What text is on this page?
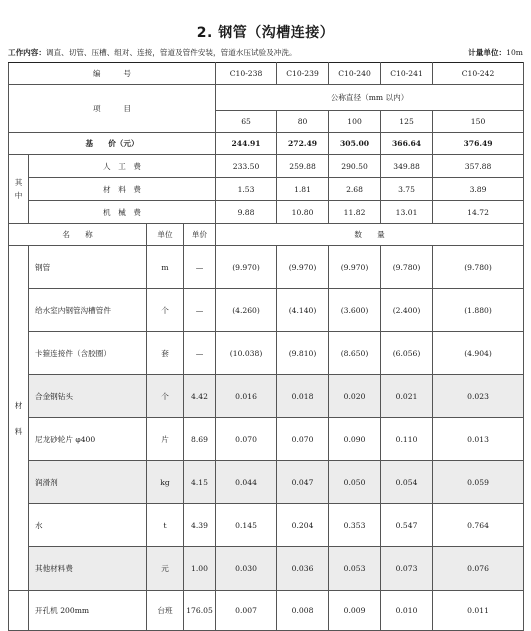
2. 钢管（沟槽连接）
工作内容：调直、切管、压槽、组对、连接，管道及管件安装，管道水压试验及冲洗。	计量单位：10m
编　　　号				C10-238	C10-239	C10-240	C10-241	C10-242
项　　　目				公称直径（mm 以内）				
				65	80	100	125	150
基　　价（元）				244.91	272.49	305.00	366.64	376.49
其
中	人　工　费			233.50	259.88	290.50	349.88	357.88
	材　料　费			1.53	1.81	2.68	3.75	3.89
	机　械　费			9.88	10.80	11.82	13.01	14.72
名　　称		单位	单价	数　　量				
材

料	钢管	m	—	(9.970)	(9.970)	(9.970)	(9.780)	(9.780)
	给水室内钢管沟槽管件	个	—	(4.260)	(4.140)	(3.600)	(2.400)	(1.880)
	卡箍连接件（含胶圈）	套	—	(10.038)	(9.810)	(8.650)	(6.056)	(4.904)
	合金钢钻头	个	4.42	0.016	0.018	0.020	0.021	0.023
	尼龙砂轮片 φ400	片	8.69	0.070	0.070	0.090	0.110	0.013
	润滑剂	kg	4.15	0.044	0.047	0.050	0.054	0.059
	水	t	4.39	0.145	0.204	0.353	0.547	0.764
	其他材料费	元	1.00	0.030	0.036	0.053	0.073	0.076
	开孔机 200mm	台班	176.05	0.007	0.008	0.009	0.010	0.011
